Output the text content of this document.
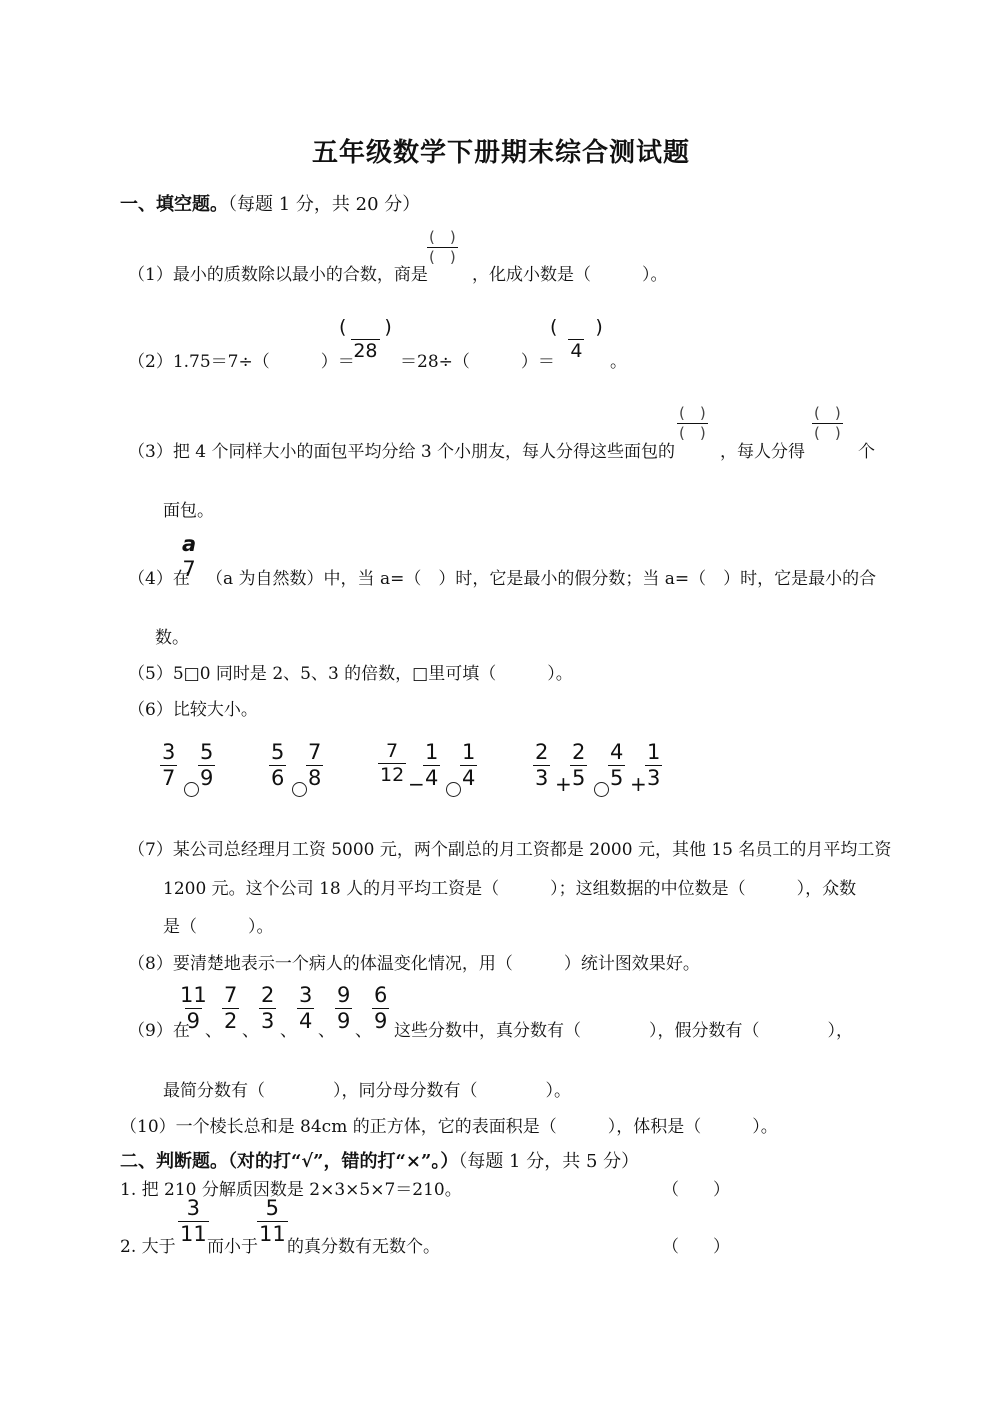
五年级数学下册期末综合测试题
一、填空题。（每题 1 分，共 20 分）
（1）最小的质数除以最小的合数，商是
(　)
(　)
，化成小数是（　　　）。
（2）1.75＝7÷（　　　）＝
(　　)
28 ＝28÷（　　　）＝
(　　)
4 。
（3）把 4 个同样大小的面包平均分给 3 个小朋友，每人分得这些面包的
(　)
(　)
，每人分得
(　)
(　)
个
面包。
（4）在
a
7 （a 为自然数）中，当 a=（　）时，它是最小的假分数；当 a=（　）时，它是最小的合
数。
（5）5□0 同时是 2、5、3 的倍数，□里可填（　　　）。
（6）比较大小。
$\frac{3}{7} \frac{5}{9}$	$\frac{5}{6} \frac{7}{8}$	$\frac{7}{12}$ −
$\frac{1}{4} \frac{1}{4}$	$\frac{2}{3}$ +
$\frac{2}{5} \frac{4}{5}$ +
$\frac{1}{3}$
（7）某公司总经理月工资 5000 元，两个副总的月工资都是 2000 元，其他 15 名员工的月平均工资
1200 元。这个公司 18 人的月平均工资是（　　　）；这组数据的中位数是（　　　），众数
是（　　　）。
（8）要清楚地表示一个病人的体温变化情况，用（　　　）统计图效果好。
（9）在
$\frac{11}{9}$
、 $\frac{7}{2}$ 、 $\frac{2}{3}$ 、 $\frac{3}{4}$ 、 $\frac{9}{9}$ 、 $\frac{6}{9}$ 这些分数中，真分数有（　　　　），假分数有（　　　　），
最简分数有（　　　　），同分母分数有（　　　　）。
（10）一个棱长总和是 84cm 的正方体，它的表面积是（　　　），体积是（　　　）。
二、判断题。（对的打“√”，错的打“×”。）（每题 1 分，共 5 分）
1. 把 210 分解质因数是 2×3×5×7＝210。	（　　）
2. 大于
$\frac{3}{11}$
而小于
$\frac{5}{11}$
的真分数有无数个。	（　　）
